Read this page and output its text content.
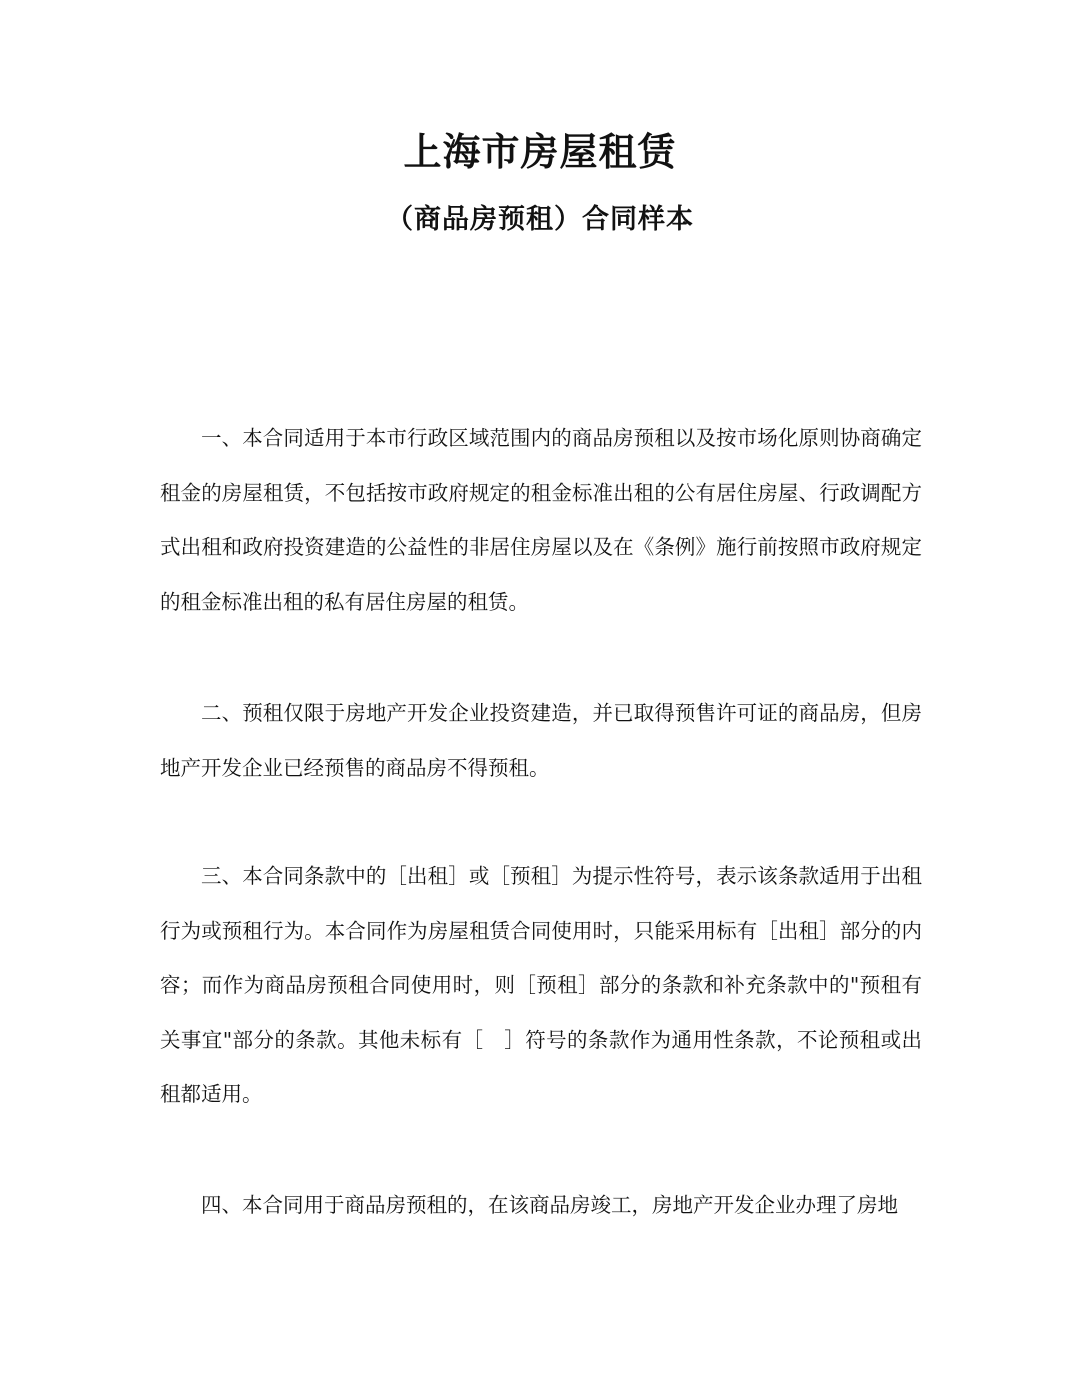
上海市房屋租赁
（商品房预租）合同样本

一、本合同适用于本市行政区域范围内的商品房预租以及按市场化原则协商确定租金的房屋租赁，不包括按市政府规定的租金标准出租的公有居住房屋、行政调配方式出租和政府投资建造的公益性的非居住房屋以及在《条例》施行前按照市政府规定的租金标准出租的私有居住房屋的租赁。

二、预租仅限于房地产开发企业投资建造，并已取得预售许可证的商品房，但房地产开发企业已经预售的商品房不得预租。

三、本合同条款中的［出租］或［预租］为提示性符号，表示该条款适用于出租行为或预租行为。本合同作为房屋租赁合同使用时，只能采用标有［出租］部分的内容；而作为商品房预租合同使用时，则［预租］部分的条款和补充条款中的"预租有关事宜"部分的条款。其他未标有［　］符号的条款作为通用性条款，不论预租或出租都适用。

四、本合同用于商品房预租的，在该商品房竣工，房地产开发企业办理了房地
